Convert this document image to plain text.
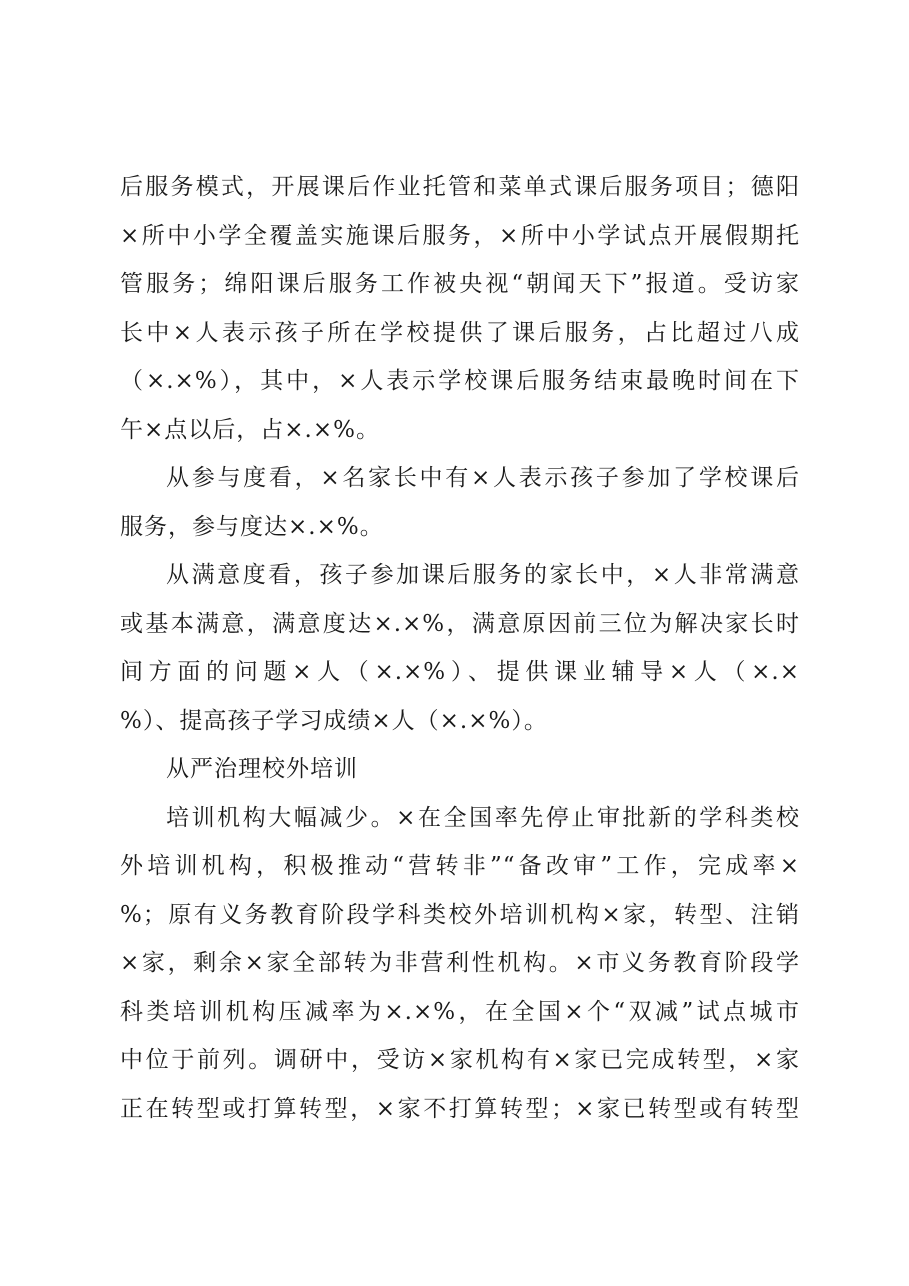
后服务模式，开展课后作业托管和菜单式课后服务项目；德阳
×所中小学全覆盖实施课后服务，×所中小学试点开展假期托
管服务；绵阳课后服务工作被央视“朝闻天下”报道。受访家
长中×人表示孩子所在学校提供了课后服务，占比超过八成
（×.×%），其中，×人表示学校课后服务结束最晚时间在下
午×点以后，占×.×%。
从参与度看，×名家长中有×人表示孩子参加了学校课后
服务，参与度达×.×%。
从满意度看，孩子参加课后服务的家长中，×人非常满意
或基本满意，满意度达×.×%，满意原因前三位为解决家长时
间方面的问题×人（×.×%）、提供课业辅导×人（×.×
%）、提高孩子学习成绩×人（×.×%）。
从严治理校外培训
培训机构大幅减少。×在全国率先停止审批新的学科类校
外培训机构，积极推动“营转非”“备改审”工作，完成率×
%；原有义务教育阶段学科类校外培训机构×家，转型、注销
×家，剩余×家全部转为非营利性机构。×市义务教育阶段学
科类培训机构压减率为×.×%，在全国×个“双减”试点城市
中位于前列。调研中，受访×家机构有×家已完成转型，×家
正在转型或打算转型，×家不打算转型；×家已转型或有转型
